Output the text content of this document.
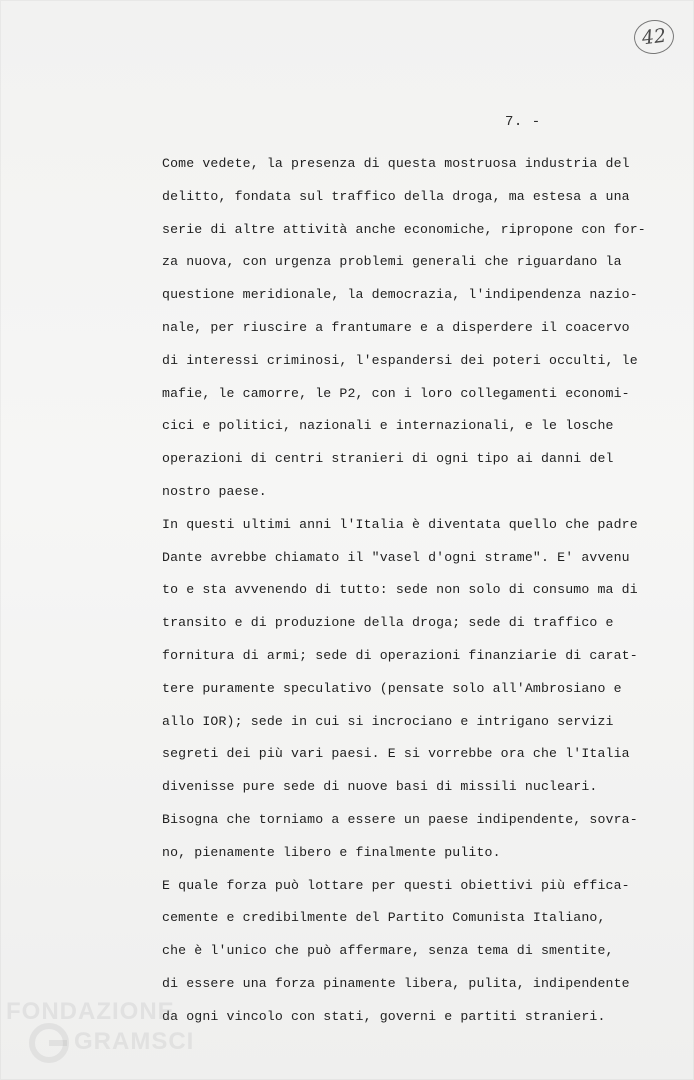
42
7. -
Come vedete, la presenza di questa mostruosa industria del
delitto, fondata sul traffico della droga, ma estesa a una
serie di altre attività anche economiche, ripropone con for-
za nuova, con urgenza problemi generali che riguardano la
questione meridionale, la democrazia, l'indipendenza nazio-
nale, per riuscire a frantumare e a disperdere il coacervo
di interessi criminosi, l'espandersi dei poteri occulti, le
mafie, le camorre, le P2, con i loro collegamenti economi-
cici e politici, nazionali e internazionali, e le losche
operazioni di centri stranieri di ogni tipo ai danni del
nostro paese.
In questi ultimi anni l'Italia è diventata quello che padre
Dante avrebbe chiamato il "vasel d'ogni strame". E' avvenu
to e sta avvenendo di tutto: sede non solo di consumo ma di
transito e di produzione della droga; sede di traffico e
fornitura di armi; sede di operazioni finanziarie di carat-
tere puramente speculativo (pensate solo all'Ambrosiano e
allo IOR); sede in cui si incrociano e intrigano servizi
segreti dei più vari paesi. E si vorrebbe ora che l'Italia
divenisse pure sede di nuove basi di missili nucleari.
Bisogna che torniamo a essere un paese indipendente, sovra-
no, pienamente libero e finalmente pulito.
E quale forza può lottare per questi obiettivi più effica-
cemente e credibilmente del Partito Comunista Italiano,
che è l'unico che può affermare, senza tema di smentite,
di essere una forza pinamente libera, pulita, indipendente
da ogni vincolo con stati, governi e partiti stranieri.
FONDAZIONE
GRAMSCI
